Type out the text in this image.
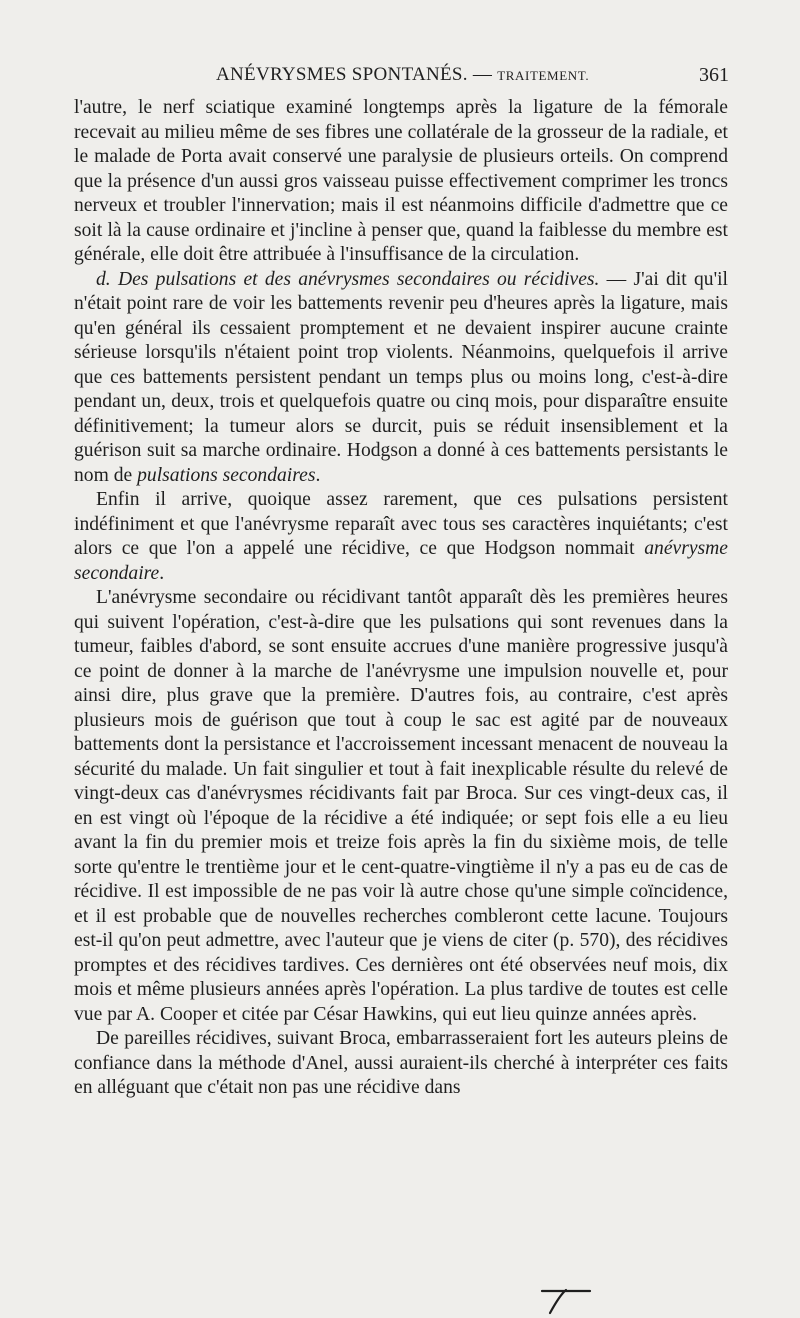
ANÉVRYSMES SPONTANÉS. — TRAITEMENT.	361

l'autre, le nerf sciatique examiné longtemps après la ligature de la fémorale recevait au milieu même de ses fibres une collatérale de la grosseur de la radiale, et le malade de Porta avait conservé une paralysie de plusieurs orteils. On comprend que la présence d'un aussi gros vaisseau puisse effectivement comprimer les troncs nerveux et troubler l'innervation; mais il est néanmoins difficile d'admettre que ce soit là la cause ordinaire et j'incline à penser que, quand la faiblesse du membre est générale, elle doit être attribuée à l'insuffisance de la circulation.

d. Des pulsations et des anévrysmes secondaires ou récidives. — J'ai dit qu'il n'était point rare de voir les battements revenir peu d'heures après la ligature, mais qu'en général ils cessaient promptement et ne devaient inspirer aucune crainte sérieuse lorsqu'ils n'étaient point trop violents. Néanmoins, quelquefois il arrive que ces battements persistent pendant un temps plus ou moins long, c'est-à-dire pendant un, deux, trois et quelquefois quatre ou cinq mois, pour disparaître ensuite définitivement; la tumeur alors se durcit, puis se réduit insensiblement et la guérison suit sa marche ordinaire. Hodgson a donné à ces battements persistants le nom de pulsations secondaires.

Enfin il arrive, quoique assez rarement, que ces pulsations persistent indéfiniment et que l'anévrysme reparaît avec tous ses caractères inquiétants; c'est alors ce que l'on a appelé une récidive, ce que Hodgson nommait anévrysme secondaire.

L'anévrysme secondaire ou récidivant tantôt apparaît dès les premières heures qui suivent l'opération, c'est-à-dire que les pulsations qui sont revenues dans la tumeur, faibles d'abord, se sont ensuite accrues d'une manière progressive jusqu'à ce point de donner à la marche de l'anévrysme une impulsion nouvelle et, pour ainsi dire, plus grave que la première. D'autres fois, au contraire, c'est après plusieurs mois de guérison que tout à coup le sac est agité par de nouveaux battements dont la persistance et l'accroissement incessant menacent de nouveau la sécurité du malade. Un fait singulier et tout à fait inexplicable résulte du relevé de vingt-deux cas d'anévrysmes récidivants fait par Broca. Sur ces vingt-deux cas, il en est vingt où l'époque de la récidive a été indiquée; or sept fois elle a eu lieu avant la fin du premier mois et treize fois après la fin du sixième mois, de telle sorte qu'entre le trentième jour et le cent-quatre-vingtième il n'y a pas eu de cas de récidive. Il est impossible de ne pas voir là autre chose qu'une simple coïncidence, et il est probable que de nouvelles recherches combleront cette lacune. Toujours est-il qu'on peut admettre, avec l'auteur que je viens de citer (p. 570), des récidives promptes et des récidives tardives. Ces dernières ont été observées neuf mois, dix mois et même plusieurs années après l'opération. La plus tardive de toutes est celle vue par A. Cooper et citée par César Hawkins, qui eut lieu quinze années après.

De pareilles récidives, suivant Broca, embarrasseraient fort les auteurs pleins de confiance dans la méthode d'Anel, aussi auraient-ils cherché à interpréter ces faits en alléguant que c'était non pas une récidive dans
